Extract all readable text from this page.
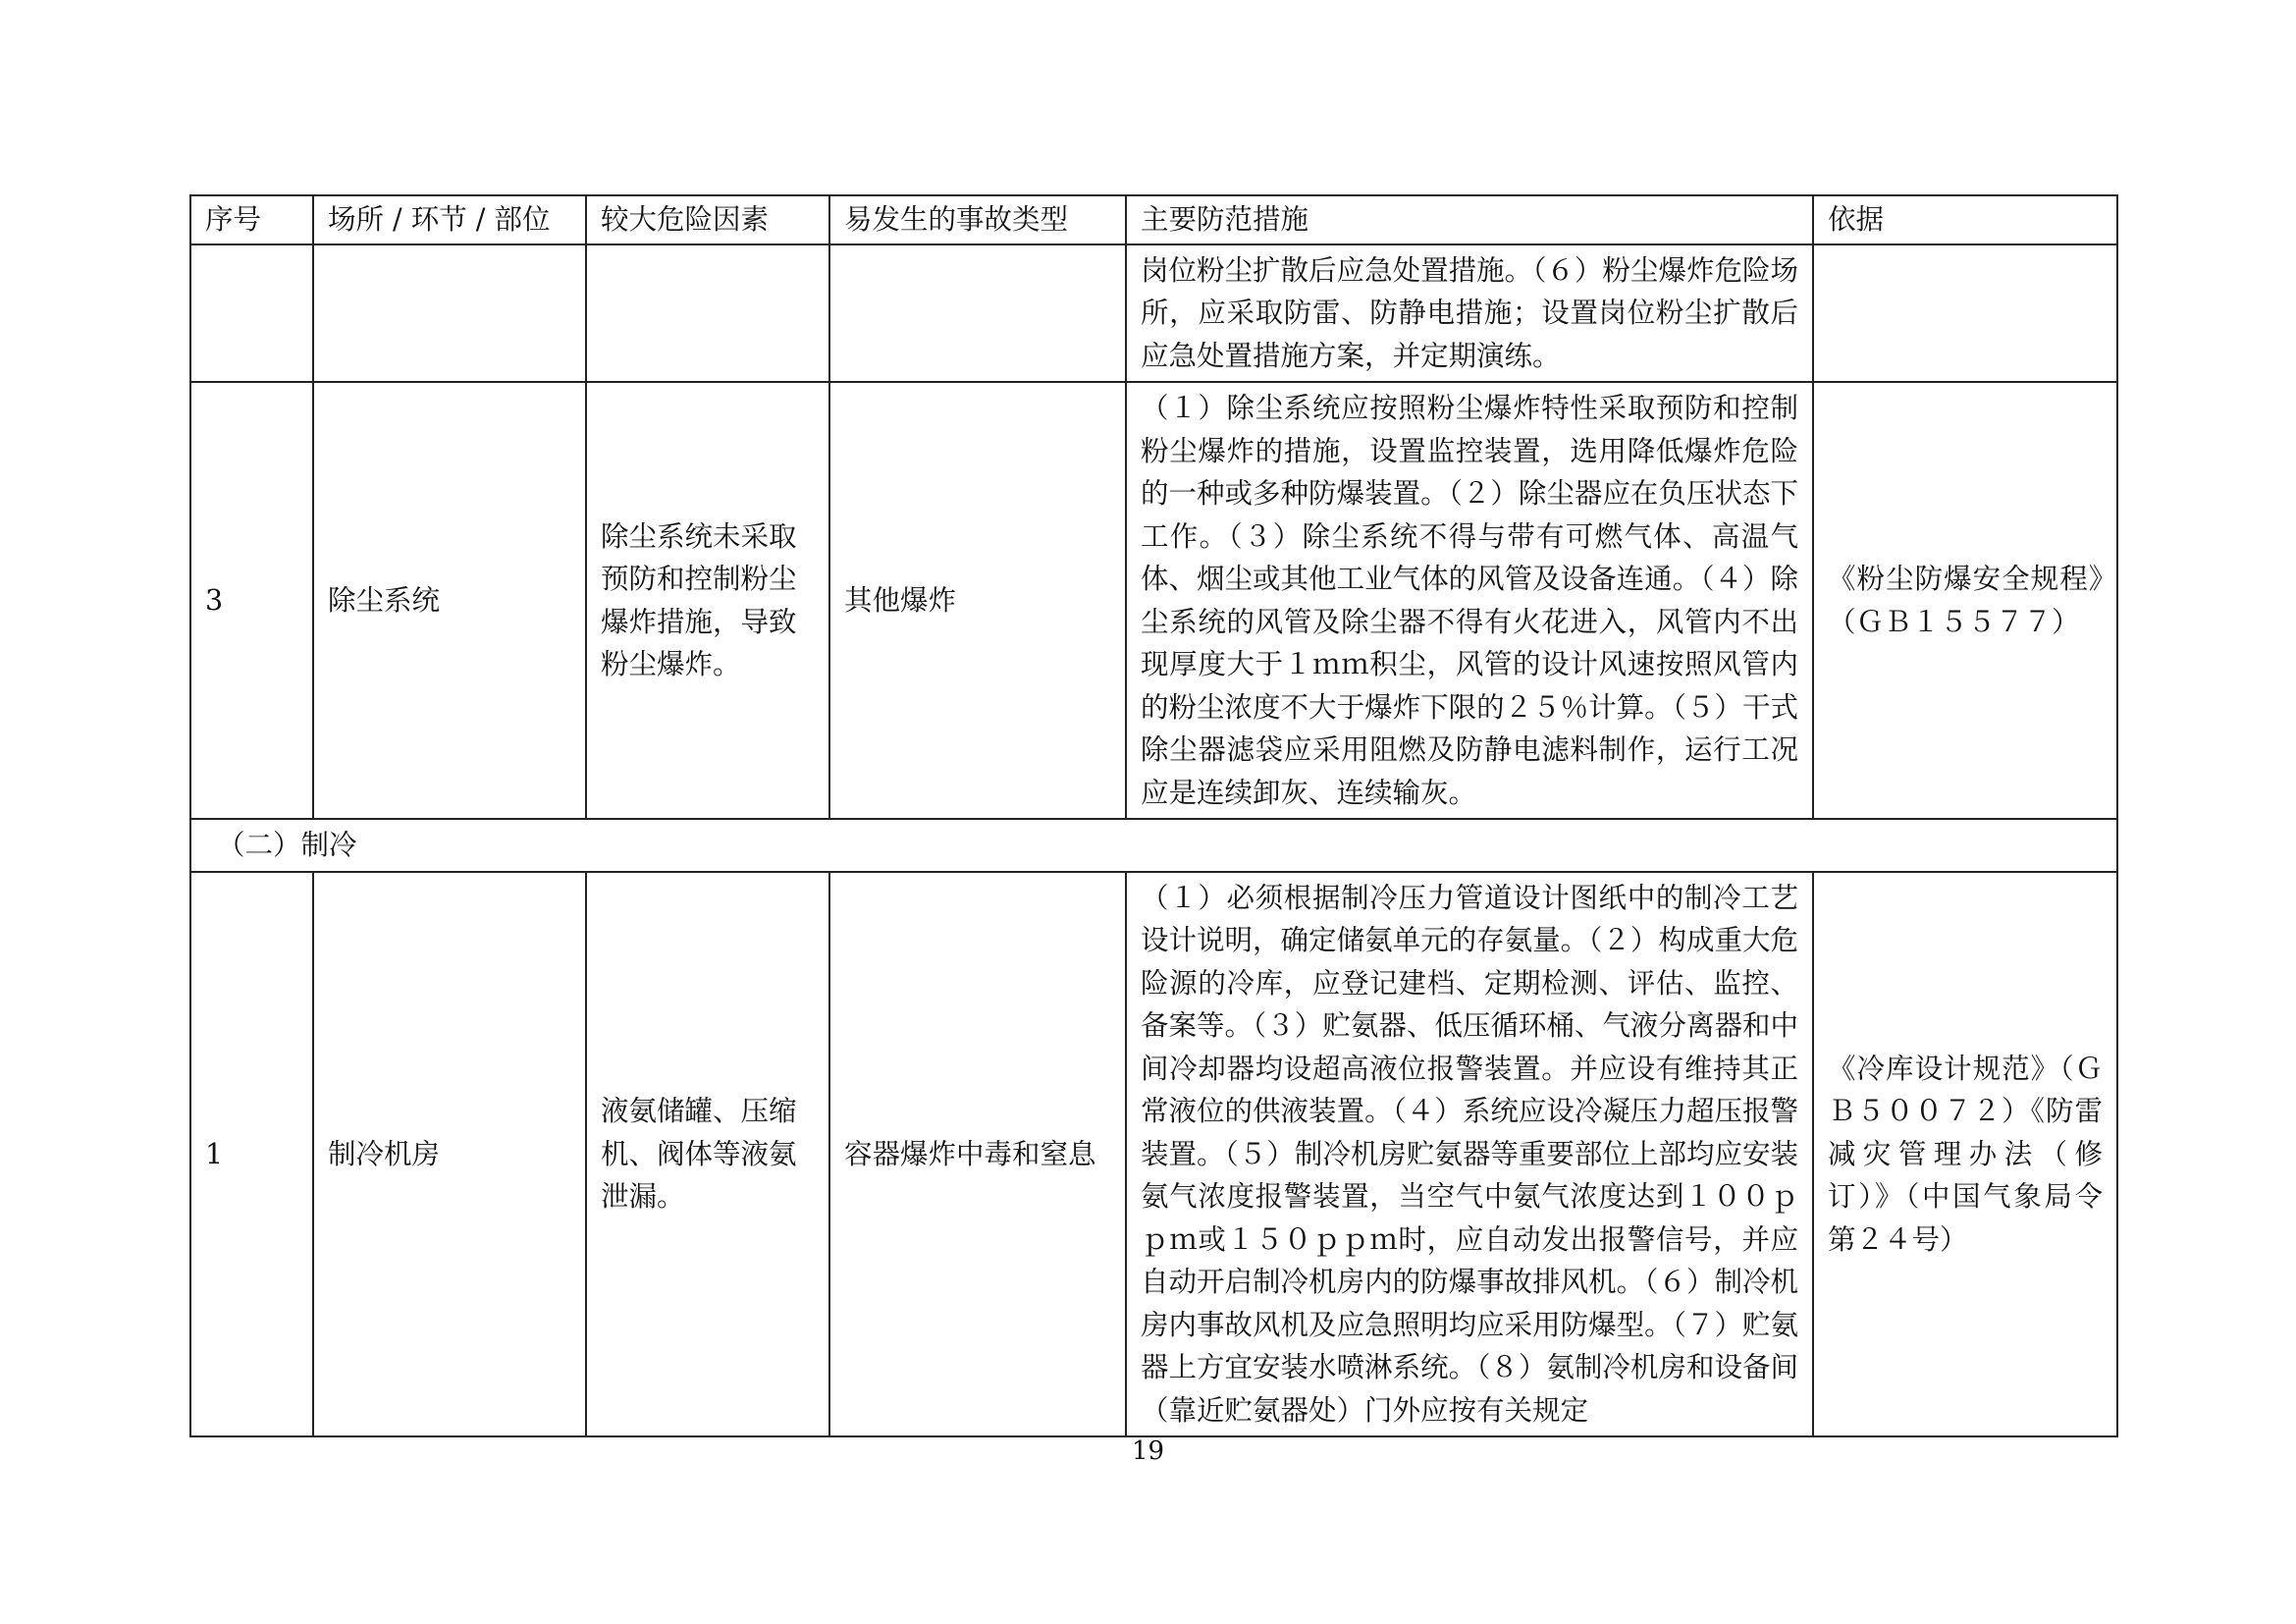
序号	场所 / 环节 / 部位	较大危险因素	易发生的事故类型	主要防范措施	依据
				岗位粉尘扩散后应急处置措施。（６）粉尘爆炸危险场所，应采取防雷、防静电措施；设置岗位粉尘扩散后应急处置措施方案，并定期演练。	
3	除尘系统	除尘系统未采取预防和控制粉尘爆炸措施，导致粉尘爆炸。	其他爆炸	（１）除尘系统应按照粉尘爆炸特性采取预防和控制粉尘爆炸的措施，设置监控装置，选用降低爆炸危险的一种或多种防爆装置。（２）除尘器应在负压状态下工作。（３）除尘系统不得与带有可燃气体、高温气体、烟尘或其他工业气体的风管及设备连通。（４）除尘系统的风管及除尘器不得有火花进入，风管内不出现厚度大于１ｍｍ积尘，风管的设计风速按照风管内的粉尘浓度不大于爆炸下限的２５％计算。（５）干式除尘器滤袋应采用阻燃及防静电滤料制作，运行工况应是连续卸灰、连续输灰。	《粉尘防爆安全规程》（ＧＢ１５５７７）
（二）制冷					
1	制冷机房	液氨储罐、压缩机、阀体等液氨泄漏。	容器爆炸中毒和窒息	（１）必须根据制冷压力管道设计图纸中的制冷工艺设计说明，确定储氨单元的存氨量。（２）构成重大危险源的冷库，应登记建档、定期检测、评估、监控、备案等。（３）贮氨器、低压循环桶、气液分离器和中间冷却器均设超高液位报警装置。并应设有维持其正常液位的供液装置。（４）系统应设冷凝压力超压报警装置。（５）制冷机房贮氨器等重要部位上部均应安装氨气浓度报警装置，当空气中氨气浓度达到１００ｐｐｍ或１５０ｐｐｍ时，应自动发出报警信号，并应自动开启制冷机房内的防爆事故排风机。（６）制冷机房内事故风机及应急照明均应采用防爆型。（７）贮氨器上方宜安装水喷淋系统。（８）氨制冷机房和设备间（靠近贮氨器处）门外应按有关规定	《冷库设计规范》（ＧＢ５００７２）《防雷减灾管理办法（修订）》（中国气象局令第２４号）
19
